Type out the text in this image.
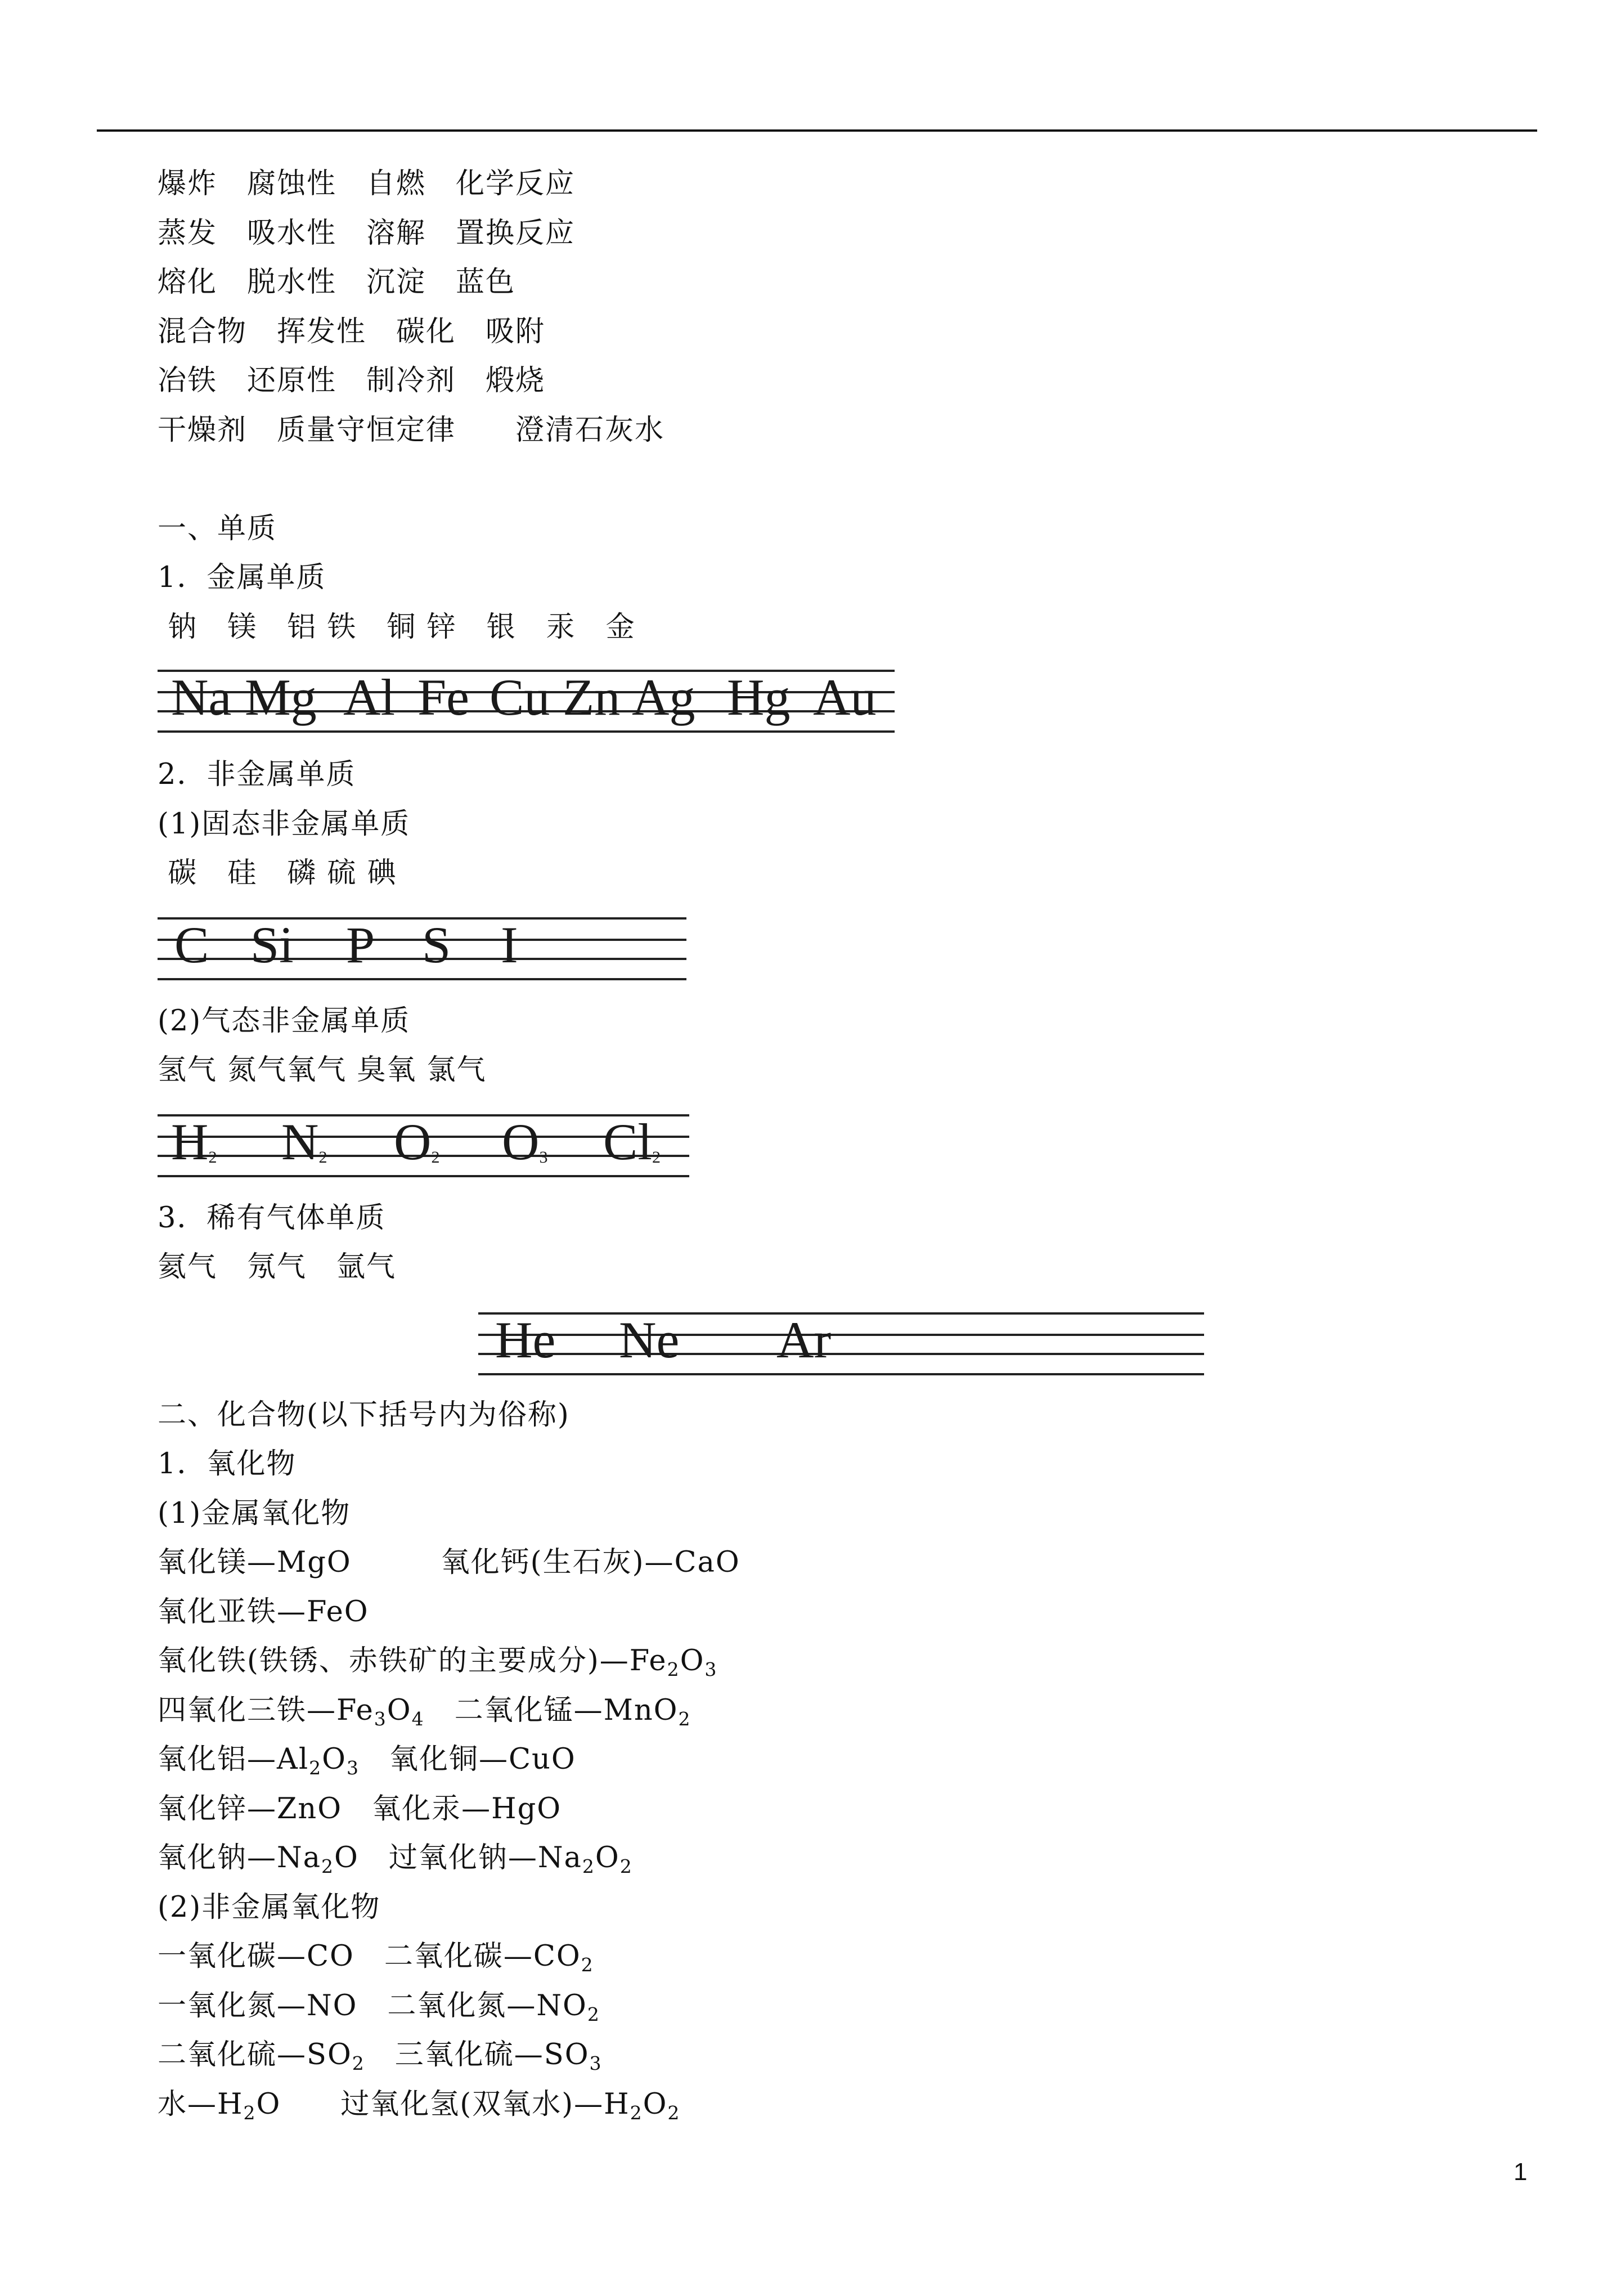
爆炸　腐蚀性　自燃　化学反应
蒸发　吸水性　溶解　置换反应
熔化　脱水性　沉淀　蓝色
混合物　挥发性　碳化　吸附
冶铁　还原性　制冷剂　煅烧
干燥剂　质量守恒定律　　澄清石灰水
一、单质
1．金属单质
钠　镁　铝 铁　铜 锌　银　汞　金
Na Mg Al Fe Cu Zn Ag Hg Au
2．非金属单质
(1)固态非金属单质
碳　硅　磷 硫 碘
C Si P S I
(2)气态非金属单质
氢气 氮气氧气 臭氧 氯气
$H_2$ $N_2$ $O_2$ $O_3$ $Cl_2$
3．稀有气体单质
氦气　氖气　氩气
He Ne Ar
二、化合物(以下括号内为俗称)
1．氧化物
(1)金属氧化物
氧化镁—MgO　　　氧化钙(生石灰)—CaO
氧化亚铁—FeO
氧化铁(铁锈、赤铁矿的主要成分)$—Fe_2O_3$
四氧化三铁$—Fe_3O_4$　二氧化锰—MnO$_2$
氧化铝$—Al_2O_3$　氧化铜—CuO
氧化锌—ZnO　氧化汞—HgO
氧化钠$—Na_2O$　过氧化钠$—Na_2O_2$
(2)非金属氧化物
一氧化碳—CO　二氧化碳$—CO_2$
一氧化氮—NO　二氧化氮$—NO_2$
二氧化硫$—SO_2$　三氧化硫$—SO_3$
水$—H_2O$　　过氧化氢(双氧水)$—H_2O_2$
1
